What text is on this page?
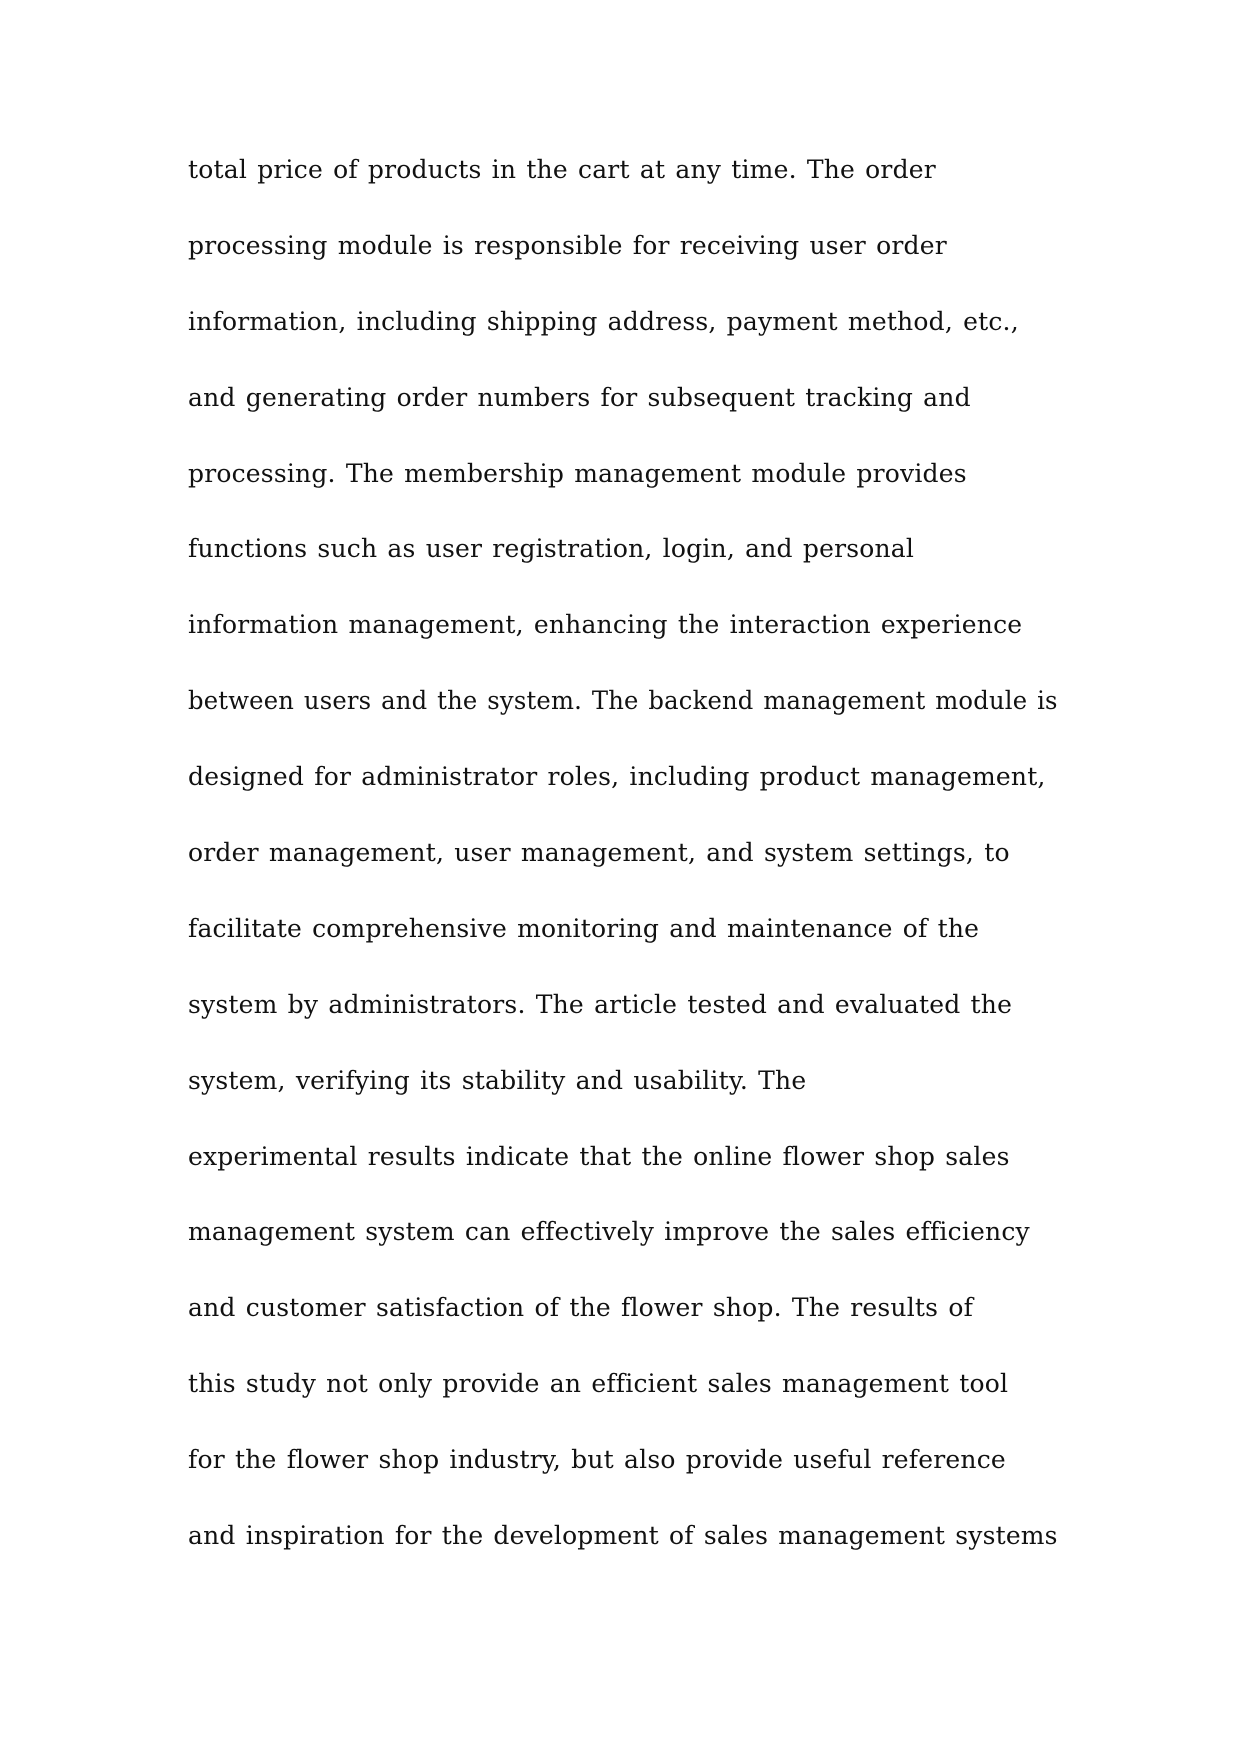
total price of products in the cart at any time. The order
processing module is responsible for receiving user order
information, including shipping address, payment method, etc.,
and generating order numbers for subsequent tracking and
processing. The membership management module provides
functions such as user registration, login, and personal
information management, enhancing the interaction experience
between users and the system. The backend management module is
designed for administrator roles, including product management,
order management, user management, and system settings, to
facilitate comprehensive monitoring and maintenance of the
system by administrators. The article tested and evaluated the
system, verifying its stability and usability. The
experimental results indicate that the online flower shop sales
management system can effectively improve the sales efficiency
and customer satisfaction of the flower shop. The results of
this study not only provide an efficient sales management tool
for the flower shop industry, but also provide useful reference
and inspiration for the development of sales management systems
